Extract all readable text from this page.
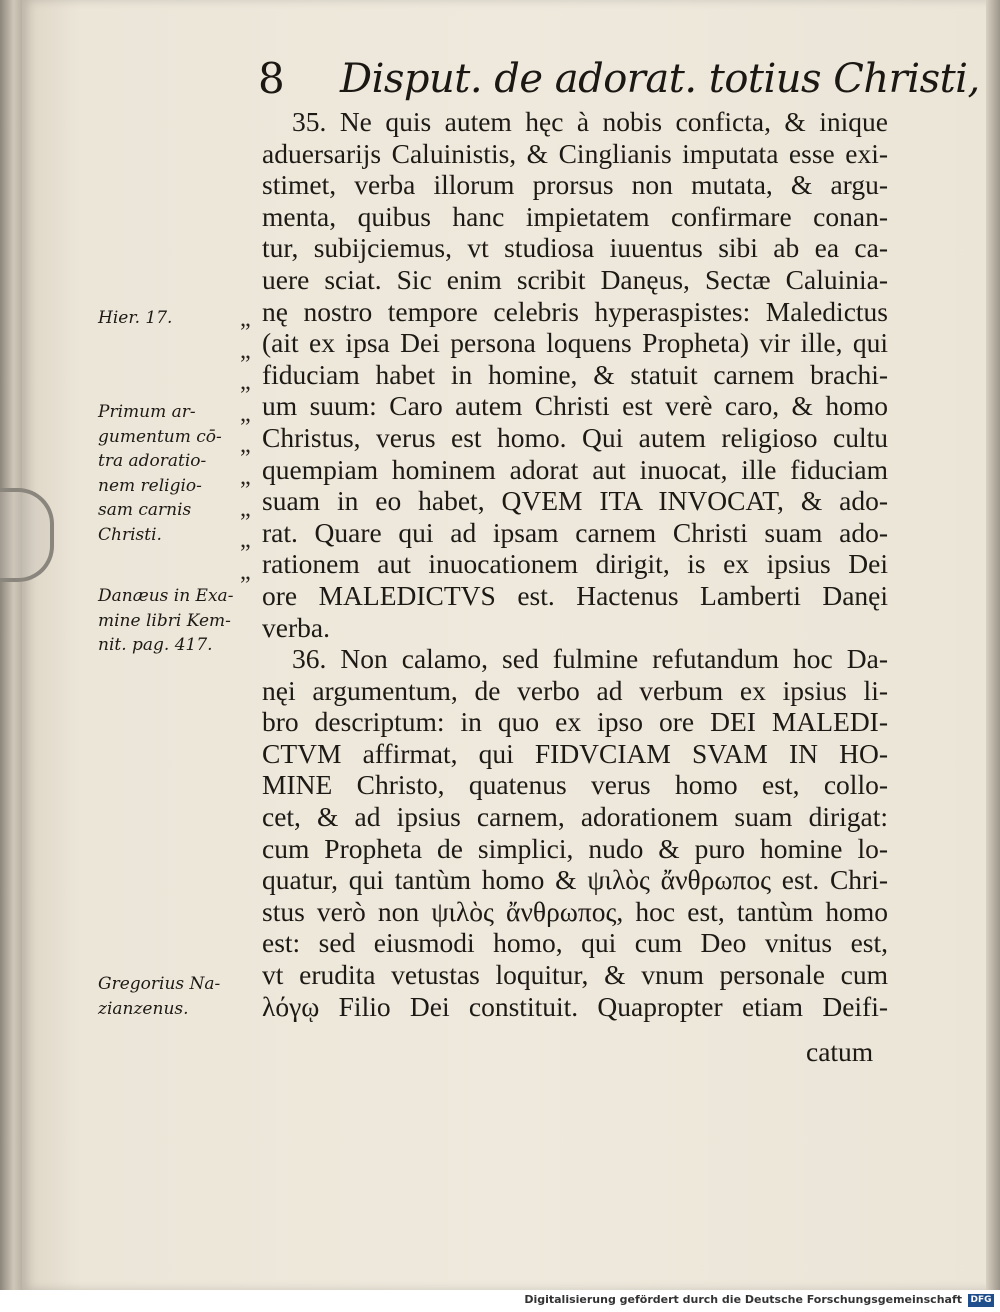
8 Disput. de adorat. totius Christi,
„
„
„
„
„
„
„
„
„
35. Ne quis autem hęc à nobis conficta, & inique
aduersarijs Caluinistis, & Cinglianis imputata esse exi-
stimet, verba illorum prorsus non mutata, & argu-
menta, quibus hanc impietatem confirmare conan-
tur, subijciemus, vt studiosa iuuentus sibi ab ea ca-
uere sciat. Sic enim scribit Danęus, Sectæ Caluinia-
nę nostro tempore celebris hyperaspistes: Maledictus
(ait ex ipsa Dei persona loquens Propheta) vir ille, qui
fiduciam habet in homine, & statuit carnem brachi-
um suum: Caro autem Christi est verè caro, & homo
Christus, verus est homo. Qui autem religioso cultu
quempiam hominem adorat aut inuocat, ille fiduciam
suam in eo habet, QVEM ITA INVOCAT, & ado-
rat. Quare qui ad ipsam carnem Christi suam ado-
rationem aut inuocationem dirigit, is ex ipsius Dei
ore MALEDICTVS est. Hactenus Lamberti Danęi
verba.
36. Non calamo, sed fulmine refutandum hoc Da-
nęi argumentum, de verbo ad verbum ex ipsius li-
bro descriptum: in quo ex ipso ore DEI MALEDI-
CTVM affirmat, qui FIDVCIAM SVAM IN HO-
MINE Christo, quatenus verus homo est, collo-
cet, & ad ipsius carnem, adorationem suam dirigat:
cum Propheta de simplici, nudo & puro homine lo-
quatur, qui tantùm homo & ψιλὸς ἄνθρωπος est. Chri-
stus verò non ψιλὸς ἄνθρωπος, hoc est, tantùm homo
est: sed eiusmodi homo, qui cum Deo vnitus est,
vt erudita vetustas loquitur, & vnum personale cum
λόγῳ Filio Dei constituit. Quapropter etiam Deifi-
catum
Hier. 17.
Primum ar-
gumentum cō-
tra adoratio-
nem religio-
sam carnis
Christi.
Danæus in Exa-
mine libri Kem-
nit. pag. 417.
Gregorius Na-
zianzenus.
Digitalisierung gefördert durch die Deutsche Forschungsgemeinschaft DFG
